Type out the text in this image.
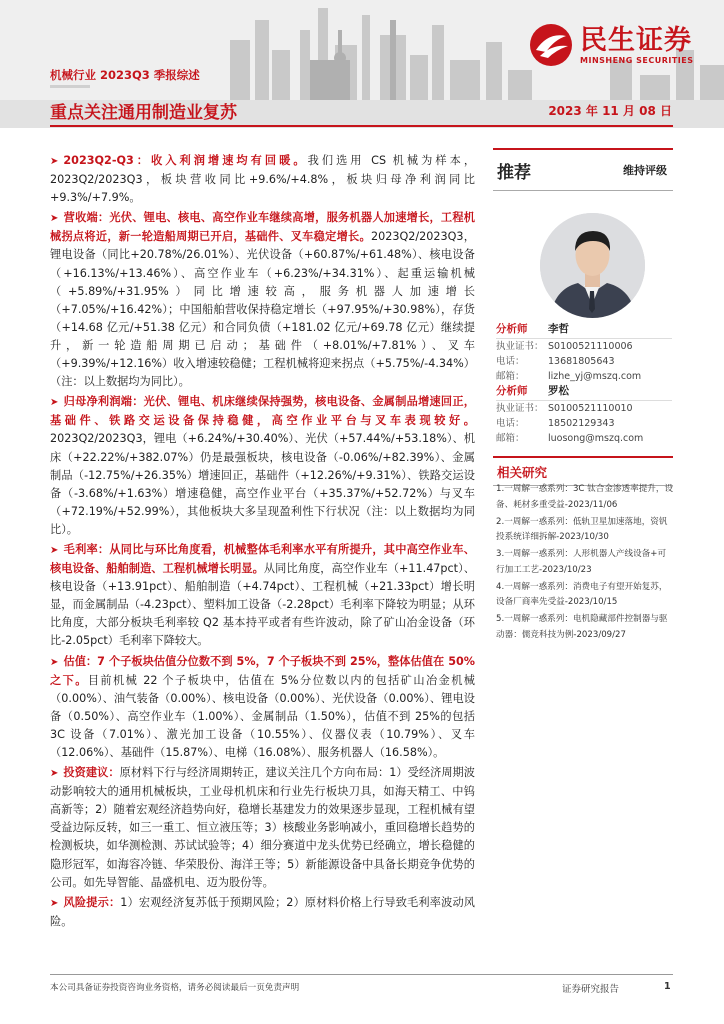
民生证券
MINSHENG SECURITIES
机械行业 2023Q3 季报综述
重点关注通用制造业复苏	2023 年 11 月 08 日

➤ 2023Q2-Q3：收入利润增速均有回暖。我们选用 CS 机械为样本，2023Q2/2023Q3，板块营收同比+9.6%/+4.8%，板块归母净利润同比+9.3%/+7.9%。

➤ 营收端：光伏、锂电、核电、高空作业车继续高增，服务机器人加速增长，工程机械拐点将近，新一轮造船周期已开启，基础件、叉车稳定增长。2023Q2/2023Q3，锂电设备（同比+20.78%/26.01%）、光伏设备（+60.87%/+61.48%）、核电设备（+16.13%/+13.46%）、高空作业车（+6.23%/+34.31%）、起重运输机械（+5.89%/+31.95%）同比增速较高，服务机器人加速增长（+7.05%/+16.42%）；中国船舶营收保持稳定增长（+97.95%/+30.98%），存货（+14.68 亿元/+51.38 亿元）和合同负债（+181.02 亿元/+69.78 亿元）继续提升，新一轮造船周期已启动；基础件（+8.01%/+7.81%）、叉车（+9.39%/+12.16%）收入增速较稳健；工程机械将迎来拐点（+5.75%/-4.34%）（注：以上数据均为同比）。

➤ 归母净利润端：光伏、锂电、机床继续保持强势，核电设备、金属制品增速回正，基础件、铁路交运设备保持稳健，高空作业平台与叉车表现较好。2023Q2/2023Q3，锂电（+6.24%/+30.40%）、光伏（+57.44%/+53.18%）、机床（+22.22%/+382.07%）仍是最强板块，核电设备（-0.06%/+82.39%）、金属制品（-12.75%/+26.35%）增速回正，基础件（+12.26%/+9.31%）、铁路交运设备（-3.68%/+1.63%）增速稳健，高空作业平台（+35.37%/+52.72%）与叉车（+72.19%/+52.99%），其他板块大多呈现盈利性下行状况（注：以上数据均为同比）。

➤ 毛利率：从同比与环比角度看，机械整体毛利率水平有所提升，其中高空作业车、核电设备、船舶制造、工程机械增长明显。从同比角度，高空作业车（+11.47pct）、核电设备（+13.91pct）、船舶制造（+4.74pct）、工程机械（+21.33pct）增长明显，而金属制品（-4.23pct）、塑料加工设备（-2.28pct）毛利率下降较为明显；从环比角度，大部分板块毛利率较 Q2 基本持平或者有些许波动，除了矿山冶金设备（环比-2.05pct）毛利率下降较大。

➤ 估值：7 个子板块估值分位数不到 5%，7 个子板块不到 25%，整体估值在 50%之下。目前机械 22 个子板块中，估值在 5%分位数以内的包括矿山冶金机械（0.00%）、油气装备（0.00%）、核电设备（0.00%）、光伏设备（0.00%）、锂电设备（0.50%）、高空作业车（1.00%）、金属制品（1.50%），估值不到 25%的包括 3C 设备（7.01%）、激光加工设备（10.55%）、仪器仪表（10.79%）、叉车（12.06%）、基础件（15.87%）、电梯（16.08%）、服务机器人（16.58%）。

➤ 投资建议：原材料下行与经济周期转正，建议关注几个方向布局：1）受经济周期波动影响较大的通用机械板块，工业母机机床和行业先行板块刀具，如海天精工、中钨高新等；2）随着宏观经济趋势向好，稳增长基建发力的效果逐步显现，工程机械有望受益边际反转，如三一重工、恒立液压等；3）核酸业务影响减小，重回稳增长趋势的检测板块，如华测检测、苏试试验等；4）细分赛道中龙头优势已经确立，增长稳健的隐形冠军，如海容冷链、华荣股份、海洋王等；5）新能源设备中具备长期竞争优势的公司。如先导智能、晶盛机电、迈为股份等。

➤ 风险提示：1）宏观经济复苏低于预期风险；2）原材料价格上行导致毛利率波动风险。

推荐	维持评级
分析师	李哲
执业证书： S0100521110006
电话：	13681805643
邮箱：	lizhe_yj@mszq.com
分析师	罗松
执业证书： S0100521110010
电话：	18502129343
邮箱：	luosong@mszq.com
相关研究
1.一周解一惑系列：3C 钛合金渗透率提升，设备、耗材多重受益-2023/11/06
2.一周解一惑系列：低轨卫星加速落地，资钒投系统详细拆解-2023/10/30
3.一周解一惑系列：人形机器人产线设备+可行加工工艺-2023/10/23
4.一周解一惑系列：消费电子有望开始复苏，设备厂商率先受益-2023/10/15
5.一周解一惑系列：电机隐藏部件控制器与驱动器：儒竞科技为例-2023/09/27
本公司具备证券投资咨询业务资格，请务必阅读最后一页免责声明	证券研究报告	1
